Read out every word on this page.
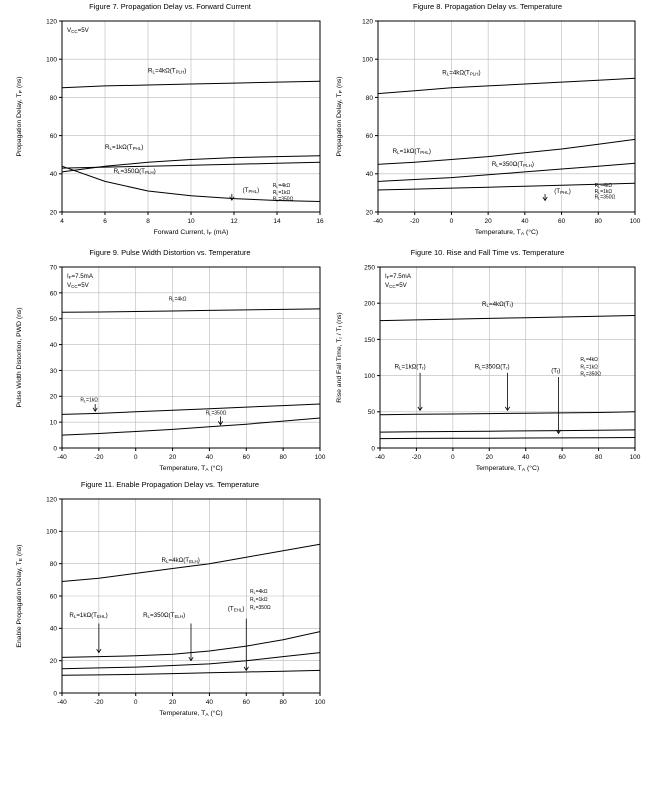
Figure 7. Propagation Delay vs. Forward Current
4	6	8	10	12	14	16
20
40
60
80
100
120
Forward Current, IF (mA)
Propagation Delay, TP (ns)
VCC=5V
RL=4kΩ(TPLH)
RL=1kΩ(TPHL)
RL=350Ω(TPLH)
(TPHL)
RL=4kΩ
RL=1kΩ
RL=350Ω
Figure 8. Propagation Delay vs. Temperature
-40	-20	0	20	40	60	80	100
20
40
60
80
100
120
Temperature, TA (°C)
Propagation Delay, TP (ns)
RL=4kΩ(TPLH)
RL=1kΩ(TPHL)
RL=350Ω(TPLH)
(TPHL)
RL=4kΩ
RL=1kΩ
RL=350Ω
Figure 9. Pulse Width Distortion vs. Temperature
-40	-20	0	20	40	60	80	100
0
10
20
30
40
50
60
70
Temperature, TA (°C)
Pulse Width Distortion, PWD (ns)
IF=7.5mA
VCC=5V
RL=4kΩ
RL=1kΩ
RL=350Ω
Figure 10. Rise and Fall Time vs. Temperature
-40	-20	0	20	40	60	80	100
0
50
100
150
200
250
Temperature, TA (°C)
Rise and Fall Time, Tr / Tf (ns)
IF=7.5mA
VCC=5V
RL=4kΩ(Tr)
RL=1kΩ(Tr)	RL=350Ω(Tr)
(Tf)
RL=4kΩ
RL=1kΩ
RL=350Ω
Figure 11. Enable Propagation Delay vs. Temperature
-40	-20	0	20	40	60	80	100
0
20
40
60
80
100
120
Temperature, TA (°C)
Enable Propagation Delay, TE (ns)
RL=4kΩ(TELH)
RL=1kΩ(TEHL)	RL=350Ω(TELH)
(TEHL)
RL=4kΩ
RL=1kΩ
RL=350Ω
